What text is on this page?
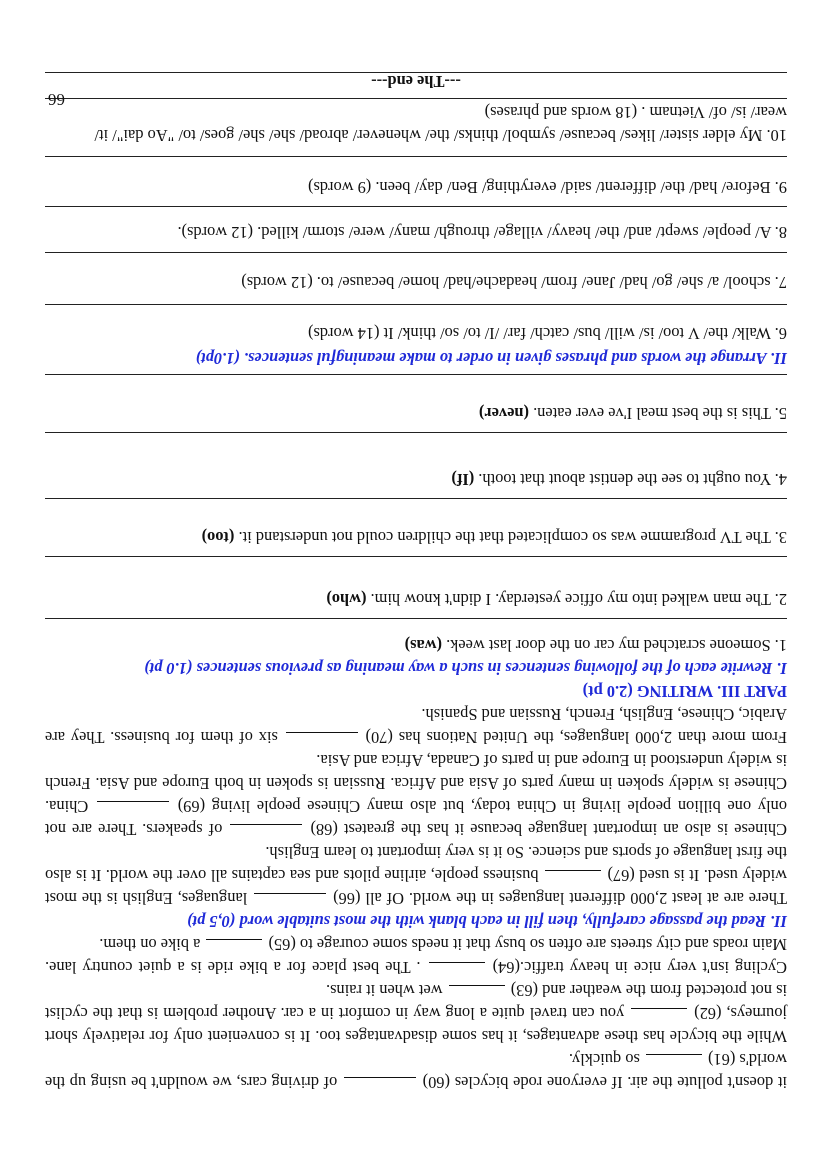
it doesn't pollute the air. If everyone rode bicycles (60)  of driving cars, we wouldn't be using up the
world's (61)  so quickly.
While the bicycle has these advantages, it has some disadvantages too. It is convenient only for relatively short
journeys, (62)  you can travel quite a long way in comfort in a car. Another problem is that the cyclist
is not protected from the weather and (63)  wet when it rains.
Cycling isn't very nice in heavy traffic.(64)  . The best place for a bike ride is a quiet country lane.
Main roads and city streets are often so busy that it needs some courage to (65)  a bike on them.
II. Read the passage carefully, then fill in each blank with the most suitable word (0,5 pt)
There are at least 2,000 different languages in the world. Of all (66)  languages, English is the most
widely used. It is used (67)  business people, airline pilots and sea captains all over the world. It is also
the first language of sports and science. So it is very important to learn English.
Chinese is also an important language because it has the greatest (68)  of speakers. There are not
only one billion people living in China today, but also many Chinese people living (69)  China.
Chinese is widely spoken in many parts of Asia and Africa. Russian is spoken in both Europe and Asia. French
is widely understood in Europe and in parts of Canada, Africa and Asia.
From more than 2,000 languages, the United Nations has (70)  six of them for business. They are
Arabic, Chinese, English, French, Russian and Spanish.
PART III. WRITING (2.0 pt)
I. Rewrite each of the following sentences in such a way meaning as previous sentences (1.0 pt)
1. Someone scratched my car on the door last week. (was)
2. The man walked into my office yesterday. I didn't know him. (who)
3. The TV programme was so complicated that the children could not understand it. (too)
4. You ought to see the dentist about that tooth. (If)
5. This is the best meal I've ever eaten. (never)
II. Arrange the words and phrases given in order to make meaningful sentences. (1.0pt)
6. Walk/ the/ V too/ is/ will/ bus/ catch/ far/ /I/ to/ so/ think/ It (14 words)
7. school/ a/ she/ go/ had/ Jane/ from/ headache/had/ home/ because/ to. (12 words)
8. A/ people/ swept/ and/ the/ heavy/ village/ through/ many/ were/ storm/ killed. (12 words).
9. Before/ had/ the/ different/ said/ everything/ Ben/ day/ been. (9 words)
10. My elder sister/ likes/ because/ symbol/ thinks/ the/ whenever/ abroad/ she/ she/ goes/ to/ "Ao dai"/ it/
wear/ is/ of/ Vietnam . (18 words and phrases)
---The end---
66
